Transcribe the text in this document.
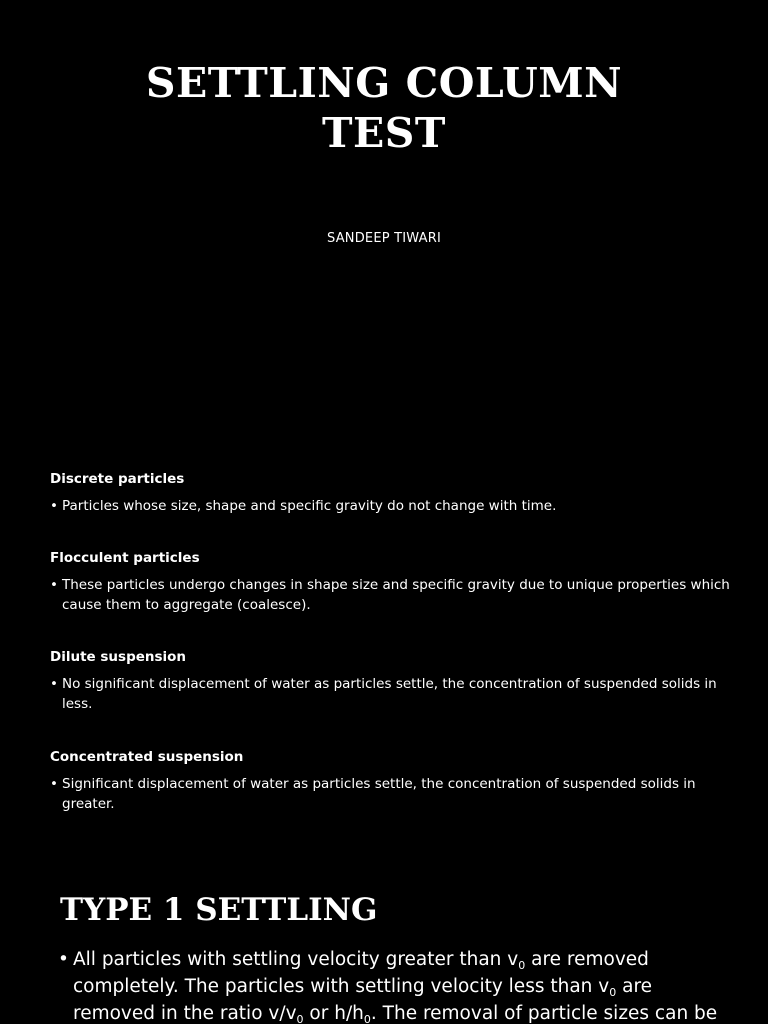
SETTLING COLUMN
TEST
SANDEEP TIWARI
Discrete particles
• Particles whose size, shape and specific gravity do not change with time.
Flocculent particles
• These particles undergo changes in shape size and specific gravity due to unique properties which cause them to aggregate (coalesce).
Dilute suspension
• No significant displacement of water as particles settle, the concentration of suspended solids in less.
Concentrated suspension
• Significant displacement of water as particles settle, the concentration of suspended solids in greater.
TYPE 1 SETTLING
• All particles with settling velocity greater than $v_0$ are removed completely. The particles with settling velocity less than $v_0$ are removed in the ratio $v/v_0$ or $h/h_0$. The removal of particle sizes can be
